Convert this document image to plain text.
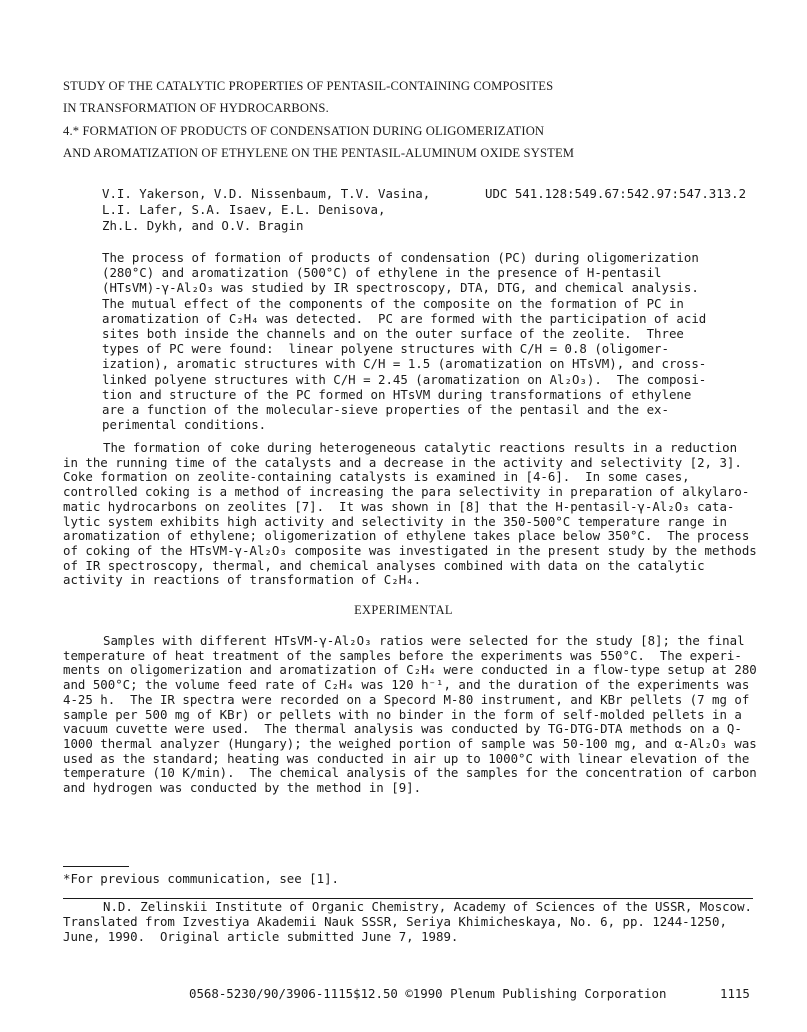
STUDY OF THE CATALYTIC PROPERTIES OF PENTASIL-CONTAINING COMPOSITES
IN TRANSFORMATION OF HYDROCARBONS.
4.* FORMATION OF PRODUCTS OF CONDENSATION DURING OLIGOMERIZATION
AND AROMATIZATION OF ETHYLENE ON THE PENTASIL-ALUMINUM OXIDE SYSTEM
V.I. Yakerson, V.D. Nissenbaum, T.V. Vasina,
L.I. Lafer, S.A. Isaev, E.L. Denisova,
Zh.L. Dykh, and O.V. Bragin
UDC 541.128:549.67:542.97:547.313.2
The process of formation of products of condensation (PC) during oligomerization
(280°C) and aromatization (500°C) of ethylene in the presence of H-pentasil
(HTsVM)-γ-Al₂O₃ was studied by IR spectroscopy, DTA, DTG, and chemical analysis.
The mutual effect of the components of the composite on the formation of PC in
aromatization of C₂H₄ was detected.  PC are formed with the participation of acid
sites both inside the channels and on the outer surface of the zeolite.  Three
types of PC were found:  linear polyene structures with C/H = 0.8 (oligomer-
ization), aromatic structures with C/H = 1.5 (aromatization on HTsVM), and cross-
linked polyene structures with C/H = 2.45 (aromatization on Al₂O₃).  The composi-
tion and structure of the PC formed on HTsVM during transformations of ethylene
are a function of the molecular-sieve properties of the pentasil and the ex-
perimental conditions.
The formation of coke during heterogeneous catalytic reactions results in a reduction
in the running time of the catalysts and a decrease in the activity and selectivity [2, 3].
Coke formation on zeolite-containing catalysts is examined in [4-6].  In some cases,
controlled coking is a method of increasing the para selectivity in preparation of alkylaro-
matic hydrocarbons on zeolites [7].  It was shown in [8] that the H-pentasil-γ-Al₂O₃ cata-
lytic system exhibits high activity and selectivity in the 350-500°C temperature range in
aromatization of ethylene; oligomerization of ethylene takes place below 350°C.  The process
of coking of the HTsVM-γ-Al₂O₃ composite was investigated in the present study by the methods
of IR spectroscopy, thermal, and chemical analyses combined with data on the catalytic
activity in reactions of transformation of C₂H₄.
EXPERIMENTAL
Samples with different HTsVM-γ-Al₂O₃ ratios were selected for the study [8]; the final
temperature of heat treatment of the samples before the experiments was 550°C.  The experi-
ments on oligomerization and aromatization of C₂H₄ were conducted in a flow-type setup at 280
and 500°C; the volume feed rate of C₂H₄ was 120 h⁻¹, and the duration of the experiments was
4-25 h.  The IR spectra were recorded on a Specord M-80 instrument, and KBr pellets (7 mg of
sample per 500 mg of KBr) or pellets with no binder in the form of self-molded pellets in a
vacuum cuvette were used.  The thermal analysis was conducted by TG-DTG-DTA methods on a Q-
1000 thermal analyzer (Hungary); the weighed portion of sample was 50-100 mg, and α-Al₂O₃ was
used as the standard; heating was conducted in air up to 1000°C with linear elevation of the
temperature (10 K/min).  The chemical analysis of the samples for the concentration of carbon
and hydrogen was conducted by the method in [9].
*For previous communication, see [1].
N.D. Zelinskii Institute of Organic Chemistry, Academy of Sciences of the USSR, Moscow.
Translated from Izvestiya Akademii Nauk SSSR, Seriya Khimicheskaya, No. 6, pp. 1244-1250,
June, 1990.  Original article submitted June 7, 1989.
0568-5230/90/3906-1115$12.50 ©1990 Plenum Publishing Corporation	1115
